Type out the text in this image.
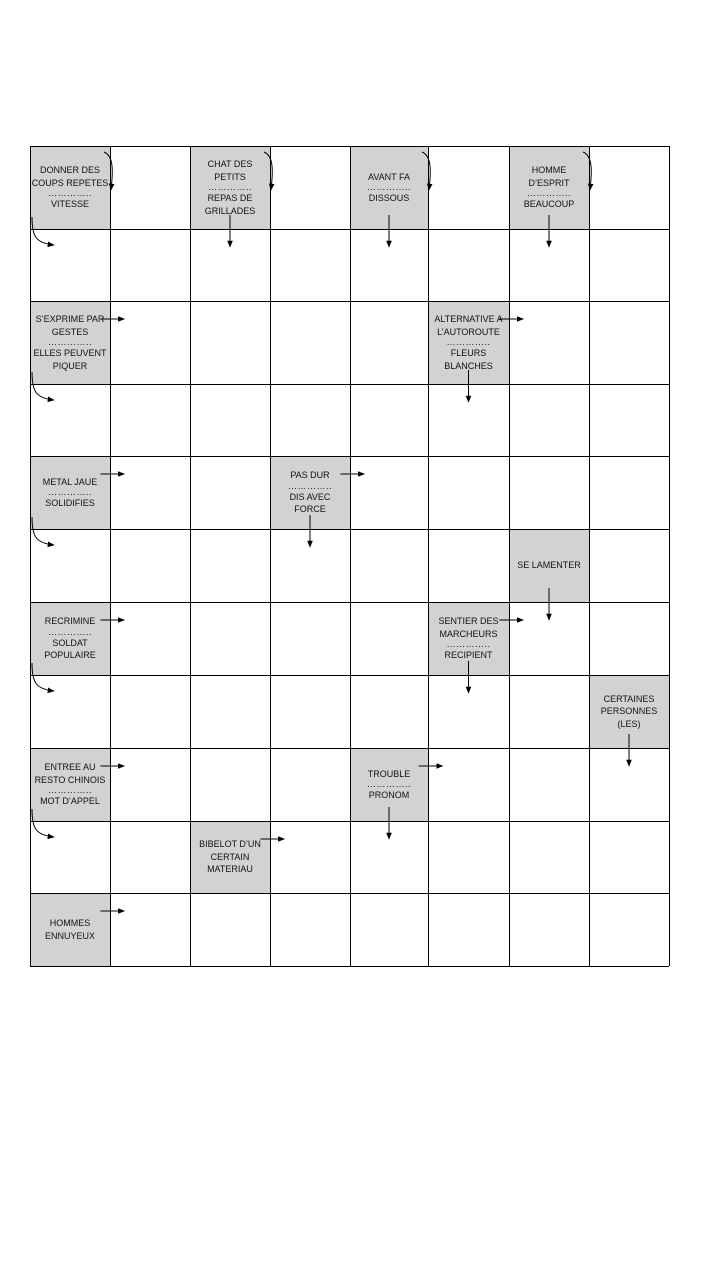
DONNER DES
COUPS REPETES
…………..
VITESSE
CHAT DES
PETITS
…………..
REPAS DE
GRILLADES
AVANT FA
…………..
DISSOUS
HOMME
D’ESPRIT
…………..
BEAUCOUP
S’EXPRIME PAR
GESTES
…………..
ELLES PEUVENT
PIQUER
ALTERNATIVE A
L’AUTOROUTE
…………..
FLEURS
BLANCHES
METAL JAUE
…………..
SOLIDIFIES
PAS DUR
…………..
DIS AVEC
FORCE
SE LAMENTER
RECRIMINE
…………..
SOLDAT
POPULAIRE
SENTIER DES
MARCHEURS
…………..
RECIPIENT
CERTAINES
PERSONNES
(LES)
ENTREE AU
RESTO CHINOIS
…………..
MOT D’APPEL
TROUBLE
…………..
PRONOM
BIBELOT D’UN
CERTAIN
MATERIAU
HOMMES
ENNUYEUX
